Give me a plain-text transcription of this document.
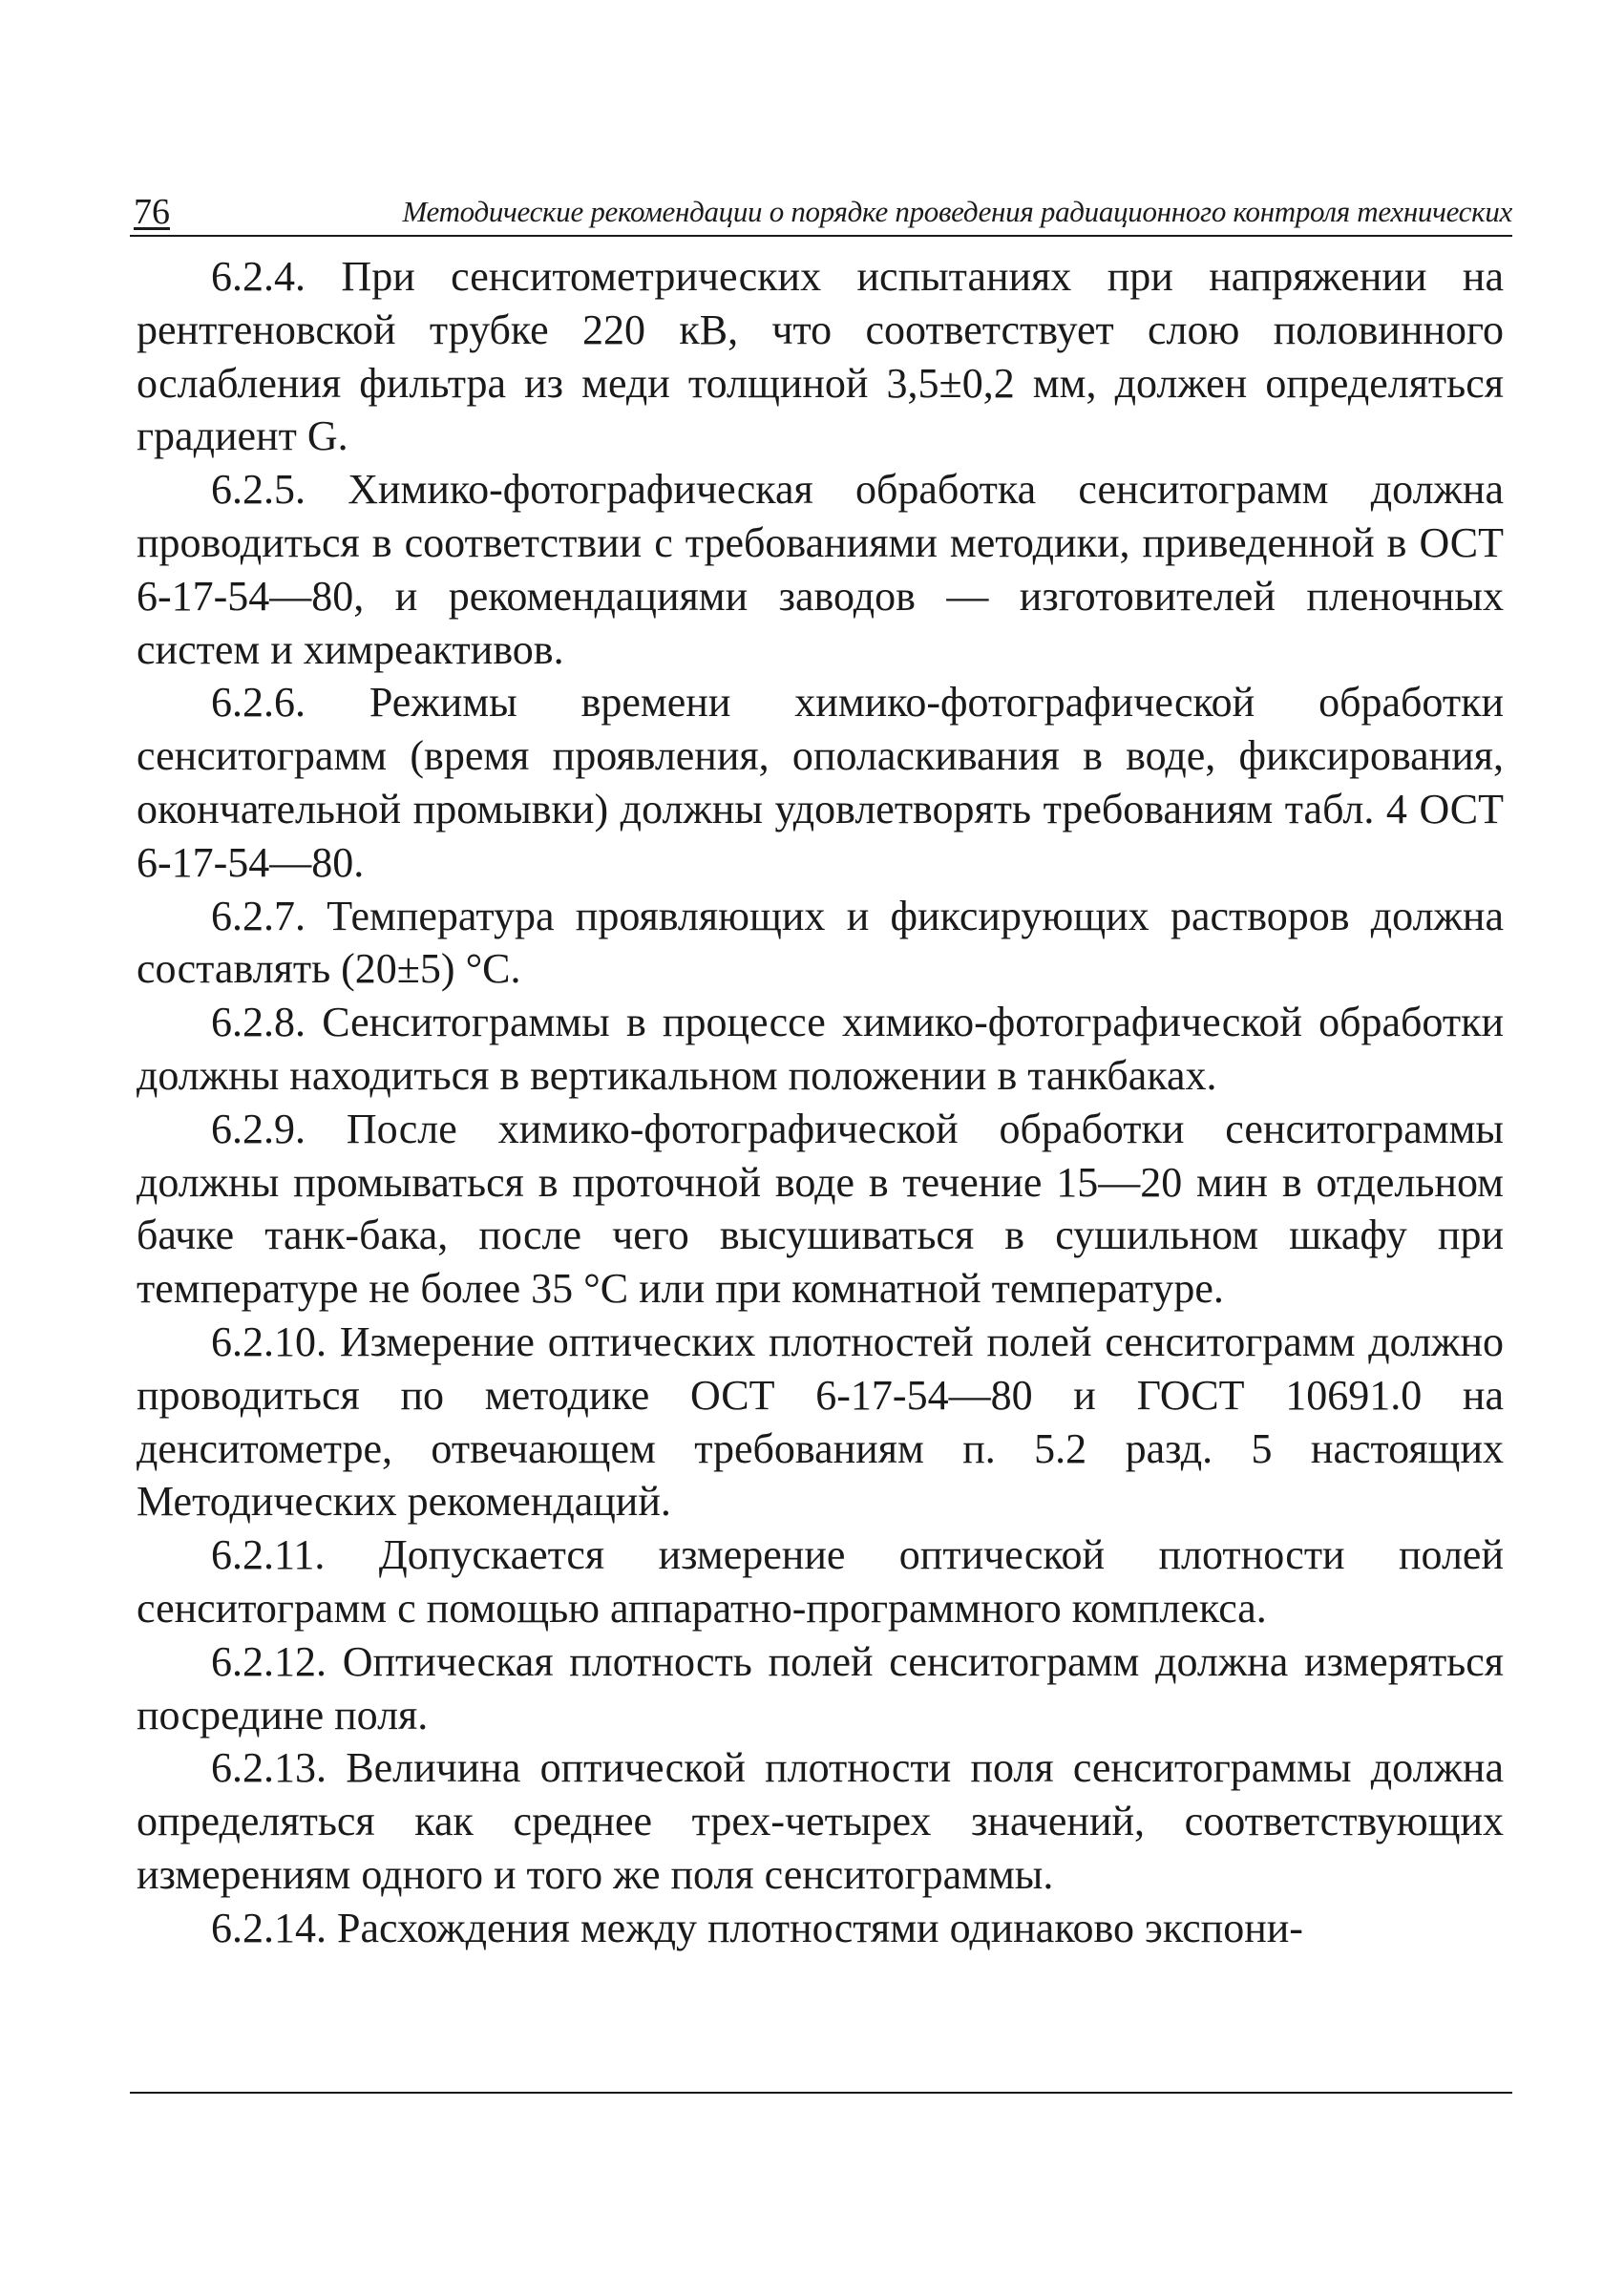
76	Методические рекомендации о порядке проведения радиационного контроля технических

6.2.4. При сенситометрических испытаниях при напряжении на рентгеновской трубке 220 кВ, что соответствует слою половинного ослабления фильтра из меди толщиной 3,5±0,2 мм, должен определяться градиент G.

6.2.5. Химико-фотографическая обработка сенситограмм должна проводиться в соответствии с требованиями методики, приведенной в ОСТ 6-17-54—80, и рекомендациями заводов — изготовителей пленочных систем и химреактивов.

6.2.6. Режимы времени химико-фотографической обработки сенситограмм (время проявления, ополаскивания в воде, фиксирования, окончательной промывки) должны удовлетворять требованиям табл. 4 ОСТ 6-17-54—80.

6.2.7. Температура проявляющих и фиксирующих растворов должна составлять (20±5) °С.

6.2.8. Сенситограммы в процессе химико-фотографической обработки должны находиться в вертикальном положении в танкбаках.

6.2.9. После химико-фотографической обработки сенситограммы должны промываться в проточной воде в течение 15—20 мин в отдельном бачке танк-бака, после чего высушиваться в сушильном шкафу при температуре не более 35 °С или при комнатной температуре.

6.2.10. Измерение оптических плотностей полей сенситограмм должно проводиться по методике ОСТ 6-17-54—80 и ГОСТ 10691.0 на денситометре, отвечающем требованиям п. 5.2 разд. 5 настоящих Методических рекомендаций.

6.2.11. Допускается измерение оптической плотности полей сенситограмм с помощью аппаратно-программного комплекса.

6.2.12. Оптическая плотность полей сенситограмм должна измеряться посредине поля.

6.2.13. Величина оптической плотности поля сенситограммы должна определяться как среднее трех-четырех значений, соответствующих измерениям одного и того же поля сенситограммы.

6.2.14. Расхождения между плотностями одинаково экспони-
